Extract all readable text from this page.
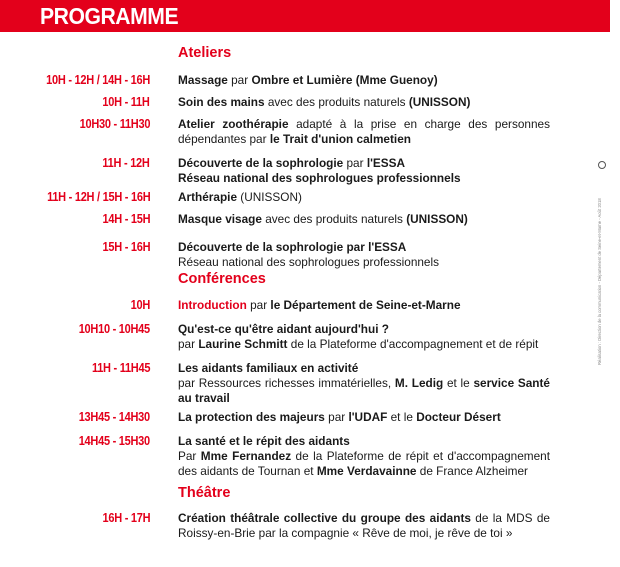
PROGRAMME
Ateliers
Conférences
Théâtre
10H - 12H / 14H - 16H Massage par Ombre et Lumière (Mme Guenoy)

10H - 11H Soin des mains avec des produits naturels (UNISSON)

10H30 - 11H30 Atelier zoothérapie adapté à la prise en charge des personnes dépendantes par le Trait d'union calmetien

11H - 12H Découverte de la sophrologie par l'ESSA

Réseau national des sophrologues professionnels

11H - 12H / 15H - 16H Arthérapie (UNISSON)

14H - 15H Masque visage avec des produits naturels (UNISSON)

15H - 16H Découverte de la sophrologie par l'ESSA

Réseau national des sophrologues professionnels

10H Introduction par le Département de Seine-et-Marne

10H10 - 10H45 Qu'est-ce qu'être aidant aujourd'hui ?

par Laurine Schmitt de la Plateforme d'accompagnement et de répit

11H - 11H45 Les aidants familiaux en activité

par Ressources richesses immatérielles, M. Ledig et le service Santé au travail

13H45 - 14H30 La protection des majeurs par l'UDAF et le Docteur Désert

14H45 - 15H30 La santé et le répit des aidants

Par Mme Fernandez de la Plateforme de répit et d'accompagnement des aidants de Tournan et Mme Verdavainne de France Alzheimer

16H - 17H Création théâtrale collective du groupe des aidants de la MDS de Roissy-en-Brie par la compagnie « Rêve de moi, je rêve de toi »

Réalisation : Direction de la communication - Département de Seine-et-Marne - Août 2018
